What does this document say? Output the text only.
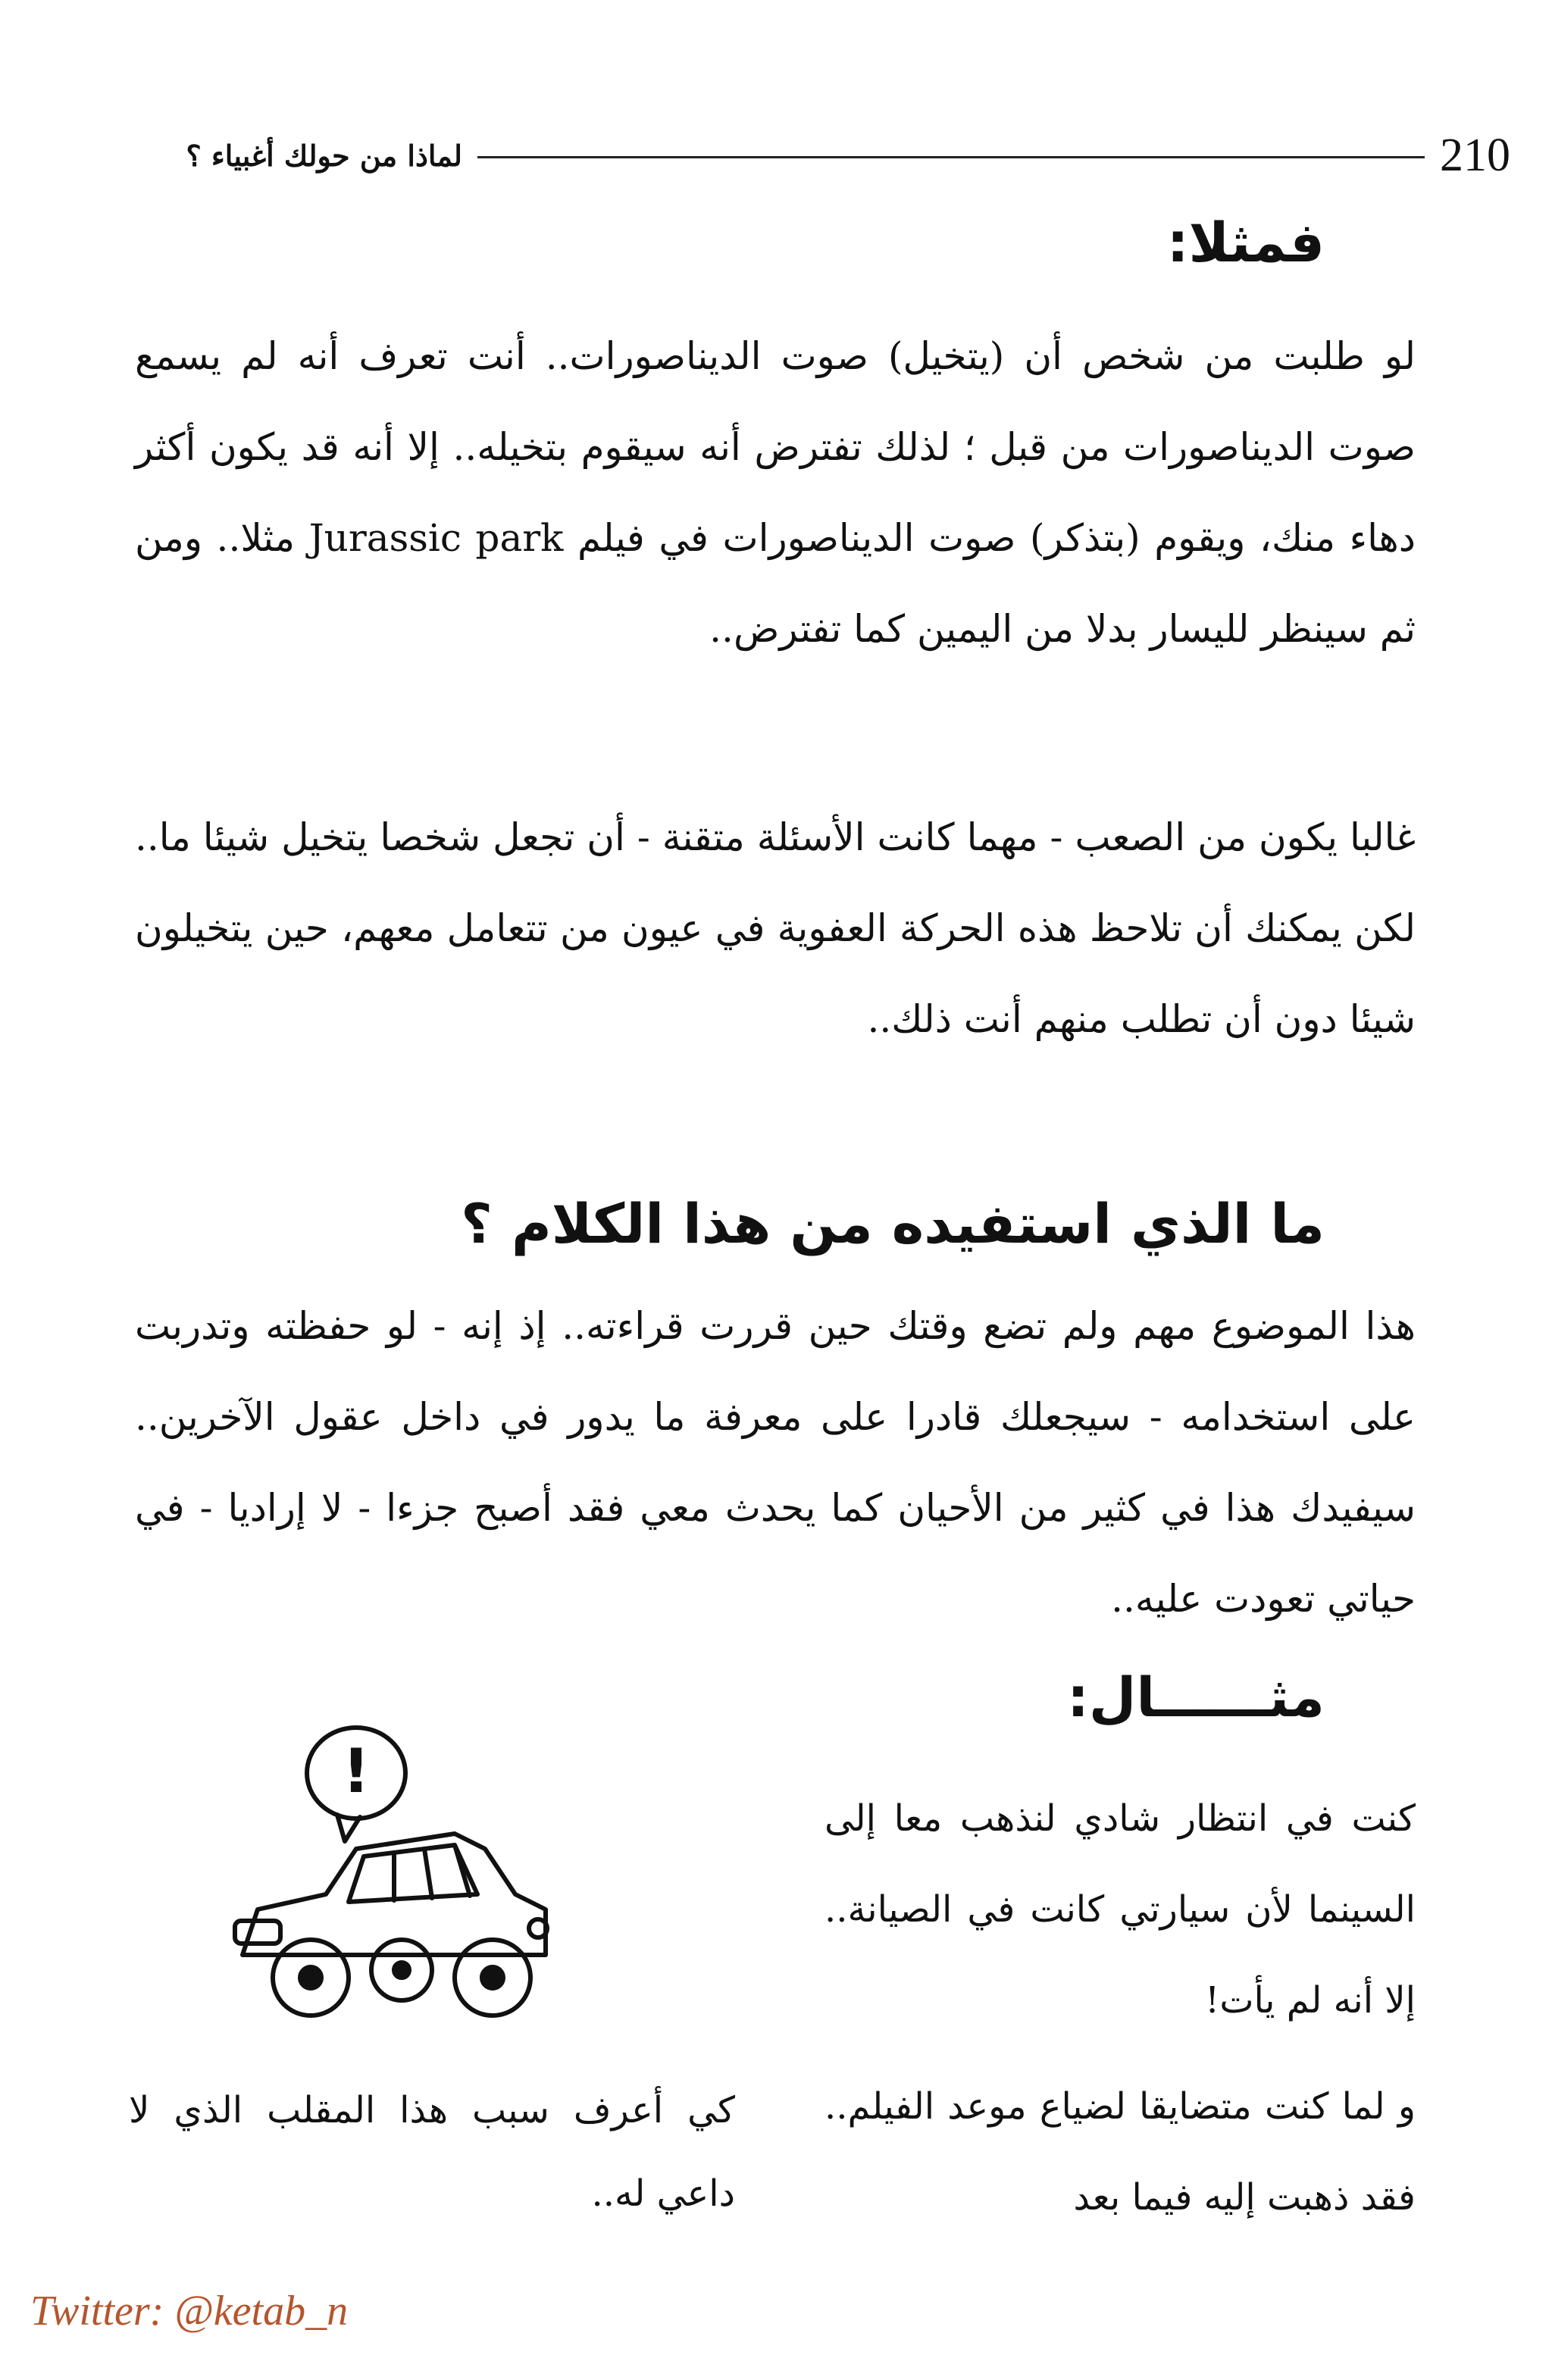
لماذا من حولك أغبياء ؟	210
فمثلا:
لو طلبت من شخص أن (يتخيل) صوت الديناصورات.. أنت تعرف أنه لم يسمع صوت الديناصورات من قبل ؛ لذلك تفترض أنه سيقوم بتخيله.. إلا أنه قد يكون أكثر دهاء منك، ويقوم (بتذكر) صوت الديناصورات في فيلم Jurassic park مثلا.. ومن ثم سينظر لليسار بدلا من اليمين كما تفترض..
غالبا يكون من الصعب - مهما كانت الأسئلة متقنة - أن تجعل شخصا يتخيل شيئا ما.. لكن يمكنك أن تلاحظ هذه الحركة العفوية في عيون من تتعامل معهم، حين يتخيلون شيئا دون أن تطلب منهم أنت ذلك..
ما الذي استفيده من هذا الكلام ؟
هذا الموضوع مهم ولم تضع وقتك حين قررت قراءته.. إذ إنه - لو حفظته وتدربت على استخدامه - سيجعلك قادرا على معرفة ما يدور في داخل عقول الآخرين.. سيفيدك هذا في كثير من الأحيان كما يحدث معي فقد أصبح جزءا - لا إراديا - في حياتي تعودت عليه..
مثــــــال:
كنت في انتظار شادي لنذهب معا إلى السينما لأن سيارتي كانت في الصيانة.. إلا أنه لم يأت!
و لما كنت متضايقا لضياع موعد الفيلم.. فقد ذهبت إليه فيما بعد
!
كي أعرف سبب هذا المقلب الذي لا داعي له..
Twitter: @ketab_n
